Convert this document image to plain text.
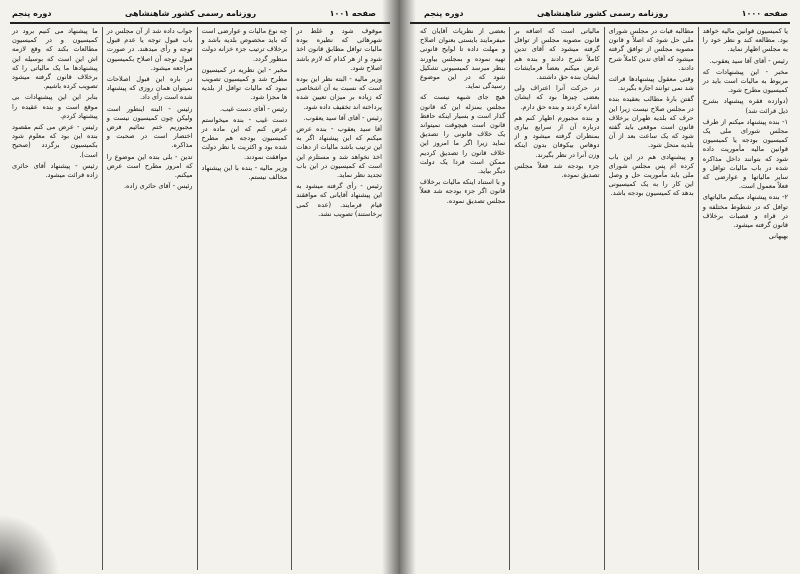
صفحه ۱۰۰۱
روزنامه رسمی کشور شاهنشاهی
دوره پنجم

موقوف شود و غلط در شهرهائی که نظیره بوده مالیات توافل مطابق قانون اخذ شود و از هر کدام که لازم باشد اصلاح شود.

وزیر مالیه - البته نظر این بوده است که نسبت به آن اشخاصی که زیاده بر میزان تعیین شده پرداخته اند تخفیف داده شود.

رئیس - آقای آقا سید یعقوب.

آقا سید یعقوب - بنده عرض میکنم که این پیشنهاد اگر به این ترتیب باشد مالیات از دهات اخذ نخواهد شد و مستلزم این است که کمیسیون در این باب تجدید نظر نماید.

رئیس - رأی گرفته میشود به این پیشنهاد آقایانی که موافقند قیام فرمایند. (عده کمی برخاستند) تصویب نشد.

چه نوع مالیات و عوارضی است که باید مخصوص بلدیه باشد و برخلاف ترتیب جزء خزانه دولت منظور گردد.

مخبر - این نظریه در کمیسیون مطرح شد و کمیسیون تصویب نمود که مالیات توافل از بلدیه ها مجزا شود.

رئیس - آقای دست غیب.

دست غیب - بنده میخواستم عرض کنم که این ماده در کمیسیون بودجه هم مطرح شده بود و اکثریت با نظر دولت موافقت نمودند.

وزیر مالیه - بنده با این پیشنهاد مخالف نیستم.

جواب داده شد از آن مجلس در باب قبول توجه یا عدم قبول توجه و رأی میدهند. در صورت قبول توجه آن اصلاح بکمیسیون مراجعه میشود.

در باره این قبول اصلاحات نمیتوان همان روزی که پیشنهاد شده است رأی داد.

رئیس - البته اینطور است ولیکن چون کمیسیون نیست و مجبوریم ختم نمائیم فرض اختصار است در صحبت و مذاکره.

تدین - بلی بنده این موضوع را که امروز مطرح است عرض میکنم.

رئیس - آقای حائری زاده.

ما پیشنهاد می کنیم برود در کمیسیون و در کمیسیون مطالعات بکند که وقع لازمه اش این است که بوسیله این پیشنهادها ما یک مالیاتی را که برخلاف قانون گرفته میشود تصویب کرده باشیم.

بنابر این این پیشنهادات بی موقع است و بنده عقیده را پیشنهاد کردم.

رئیس - عرض می کنم مقصود بنده این بود که معلوم شود بکمیسیون برگردد (صحیح است).

رئیس - پیشنهاد آقای حائری زاده قرائت میشود.

صفحه ۱۰۰۰
روزنامه رسمی کشور شاهنشاهی
دوره پنجم

یا کمیسیون قوانین مالیه خواهد بود. مطالعه کند و نظر خود را به مجلس اظهار نماید.

رئیس - آقای آقا سید یعقوب.

مخبر - این پیشنهادات که مربوط به مالیات است باید در کمیسیون مطرح شود.

(دوازده فقره پیشنهاد بشرح ذیل قرائت شد)

۱- بنده پیشنهاد میکنم از طرف مجلس شورای ملی یک کمیسیون بودجه یا کمیسیون قوانین مالیه مأموریت داده شود که بتوانند داخل مذاکره شده در باب مالیات توافل و سایر مالیاتها و عوارضی که فعلاً معمول است.

۲- بنده پیشنهاد میکنم مالیاتهای توافل که در شطوط مختلفه و در قراء و قصبات برخلاف قانون گرفته میشود.

بهبهانی

مطالبه فیات در مجلس شورای ملی حل شود که اصلاً و قانون مصوبه مجلس از توافق گرفته میشود که آقای تدین کاملاً شرح دادند.

وقتی معقول پیشنهادها قرائت شد نمی توانند اجازه بگیرند.

گفتن بارهٔ مطالب بعقیده بنده در مجلس صلاح نیست زیرا این حرف که بلدیه طهران برخلاف قانون است موقعی باید گفته شود که یک ساعت بعد از آن بلدیه منحل شود.

و پیشنهادی هم در این باب کرده ام پس مجلس شورای ملی باید مأموریت حل و وصل این کار را به یک کمیسیونی بدهد که کمیسیون بودجه باشد.

مالیاتی است که اضافه بر قانون مصوبه مجلس از توافل گرفته میشود که آقای تدین کاملاً شرح دادند و بنده هم عرض میکنم بعضاً فرمایشات ایشان بنده حق داشتند.

در حرکت آنرا اعتراف ولی بعضی چیزها بود که ایشان اشاره کردند و بنده حق دارم.

و بنده مجبورم اظهار کنم هم درباره آن از سرایع بیاری بمنظران گرفته میشود و از دوهاس بیکوفان بدون اینکه وزن آنرا در نظر بگیرند.

جزء بودجه شد فعلاً مجلس تصدیق نموده.

بعضی از نظریات آقایان که میفرمایند بایستی بعنوان اصلاح و مهلت داده تا لوایح قانونی تهیه نموده و بمجلس بیاورند بنظر میرسد کمیسیونی تشکیل شود که در این موضوع رسیدگی نماید.

هیچ جای شبهه نیست که مجلس بمنزله این که قانون گذار است و بسیار اینکه حافظ قانون است هیچوقت نمیتواند یک خلاف قانونی را تصدیق نماید زیرا اگر ما امروز این خلاف قانون را تصدیق کردیم ممکن است فردا یک دولت دیگر بیاید.

و با استناد اینکه مالیات برخلاف قانون اگر جزء بودجه شد فعلاً مجلس تصدیق نموده.
